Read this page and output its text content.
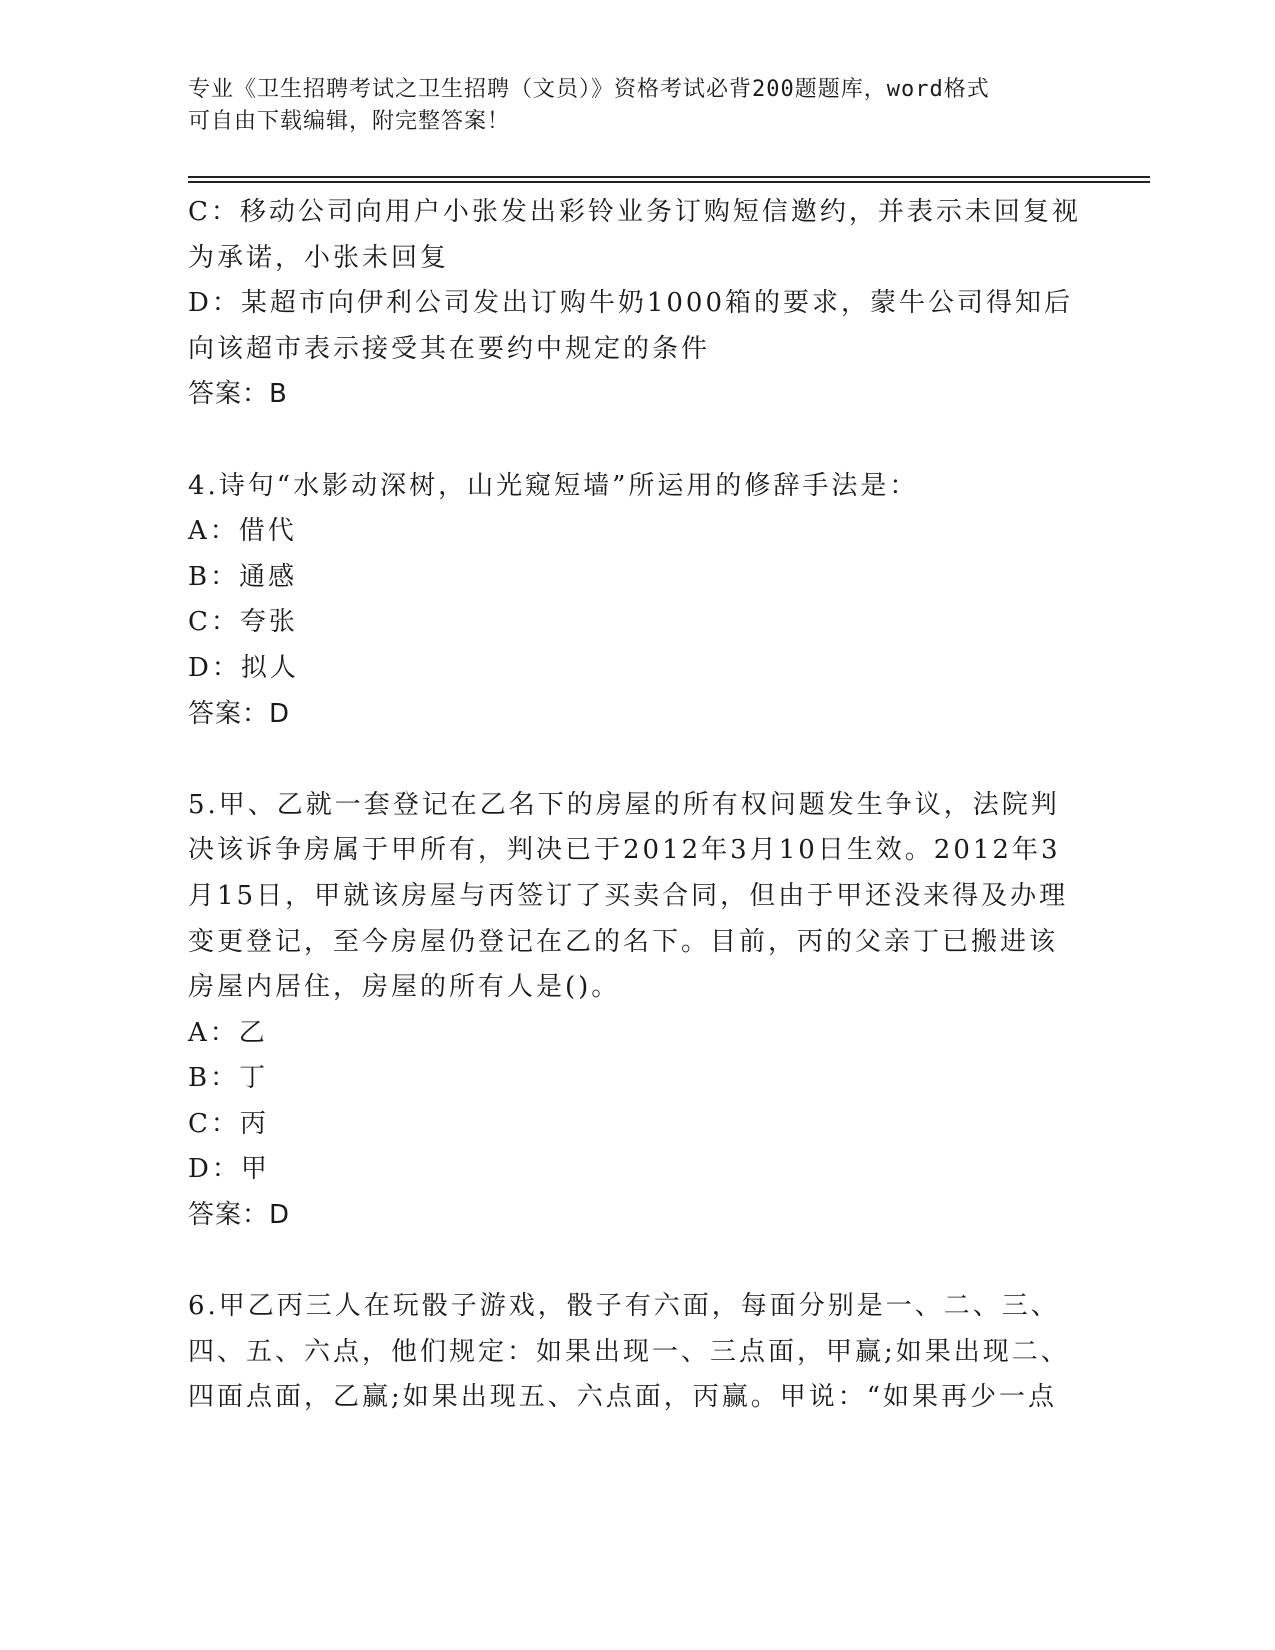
专业《卫生招聘考试之卫生招聘（文员）》资格考试必背200题题库，word格式

可自由下载编辑，附完整答案！

C：移动公司向用户小张发出彩铃业务订购短信邀约，并表示未回复视

为承诺，小张未回复

D：某超市向伊利公司发出订购牛奶1000箱的要求，蒙牛公司得知后

向该超市表示接受其在要约中规定的条件

答案：B

4.诗句“水影动深树，山光窥短墙”所运用的修辞手法是：

A：借代

B：通感

C：夸张

D：拟人

答案：D

5.甲、乙就一套登记在乙名下的房屋的所有权问题发生争议，法院判

决该诉争房属于甲所有，判决已于2012年3月10日生效。2012年3

月15日，甲就该房屋与丙签订了买卖合同，但由于甲还没来得及办理

变更登记，至今房屋仍登记在乙的名下。目前，丙的父亲丁已搬进该

房屋内居住，房屋的所有人是()。

A：乙

B：丁

C：丙

D：甲

答案：D

6.甲乙丙三人在玩骰子游戏，骰子有六面，每面分别是一、二、三、

四、五、六点，他们规定：如果出现一、三点面，甲赢;如果出现二、

四面点面，乙赢;如果出现五、六点面，丙赢。甲说：“如果再少一点
